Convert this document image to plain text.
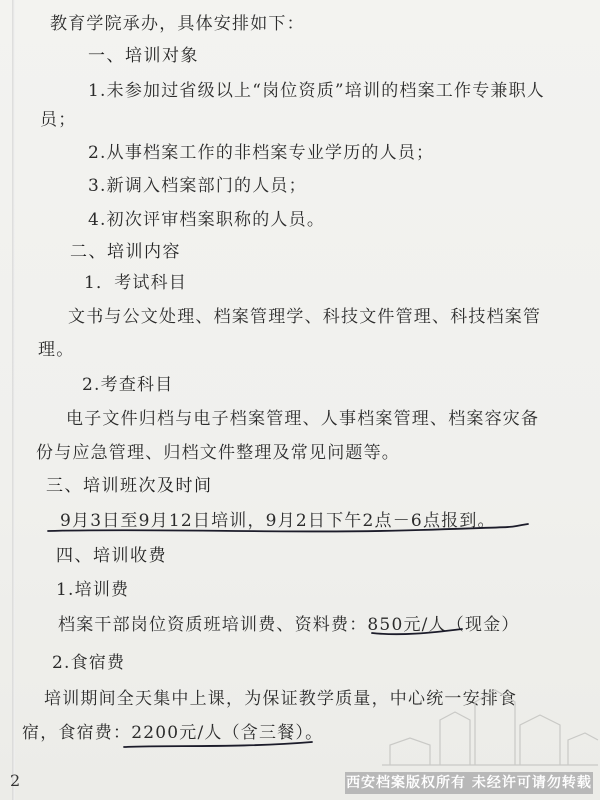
教育学院承办，具体安排如下：
一、培训对象
1.未参加过省级以上“岗位资质”培训的档案工作专兼职人
员；
2.从事档案工作的非档案专业学历的人员；
3.新调入档案部门的人员；
4.初次评审档案职称的人员。
二、培训内容
1．考试科目
文书与公文处理、档案管理学、科技文件管理、科技档案管
理。
2.考查科目
电子文件归档与电子档案管理、人事档案管理、档案容灾备
份与应急管理、归档文件整理及常见问题等。
三、培训班次及时间
9月3日至9月12日培训，9月2日下午2点－6点报到。
四、培训收费
1.培训费
档案干部岗位资质班培训费、资料费：850元/人（现金）
2.食宿费
培训期间全天集中上课，为保证教学质量，中心统一安排食
宿，食宿费：2200元/人（含三餐）。
2	西安档案版权所有 未经许可请勿转载
